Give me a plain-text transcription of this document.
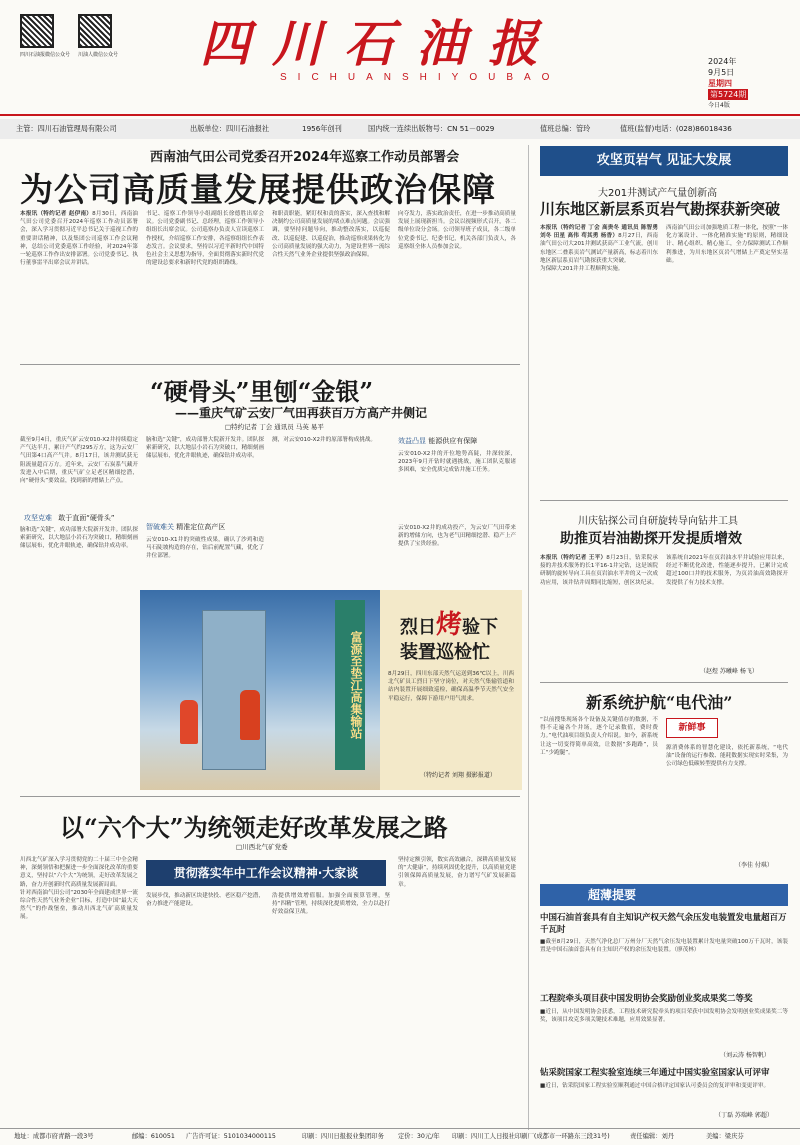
四川石油报微信公众号 川油人微信公众号 四川石油报
SICHUANSHIYOUBAO
2024年
9月5日
星期四
第5724期
今日4版
主管：四川石油管理局有限公司	出版单位：四川石油报社	1956年创刊	国内统一连续出版物号：CN 51－0029	值班总编：管玲	值班(监督)电话：(028)86018436
西南油气田公司党委召开2024年巡察工作动员部署会
为公司高质量发展提供政治保障
本报讯（特约记者 赵伊南）8月30日，西南油气田公司党委召开2024年巡察工作动员部署会，深入学习贯彻习近平总书记关于巡视工作的重要讲话精神，以及集团公司巡察工作会议精神，总结公司党委巡察工作经验，对2024年第一轮巡察工作作出安排部署。公司党委书记、执行董事雷平出席会议并讲话。
书记、巡察工作领导小组副组长徐德胜出席会议。公司党委副书记、总经理，巡察工作领导小组组长出席会议。公司巡察办负责人宣读巡察工作授权，介绍巡察工作安排，各巡察组组长作表态发言。会议要求，坚持以习近平新时代中国特色社会主义思想为指导，全面贯彻落实新时代党的建设总要求和新时代党的组织路线。
和职责职能，紧盯权和责的落实，深入查找和解决制约公司高质量发展的堵点难点问题。会议强调，要坚持问题导向，推动整改落实，以巡促改、以巡促建、以巡促治，推动巡察成果转化为公司高质量发展的强大动力，为建设世界一流综合性天然气业务企业提供坚强政治保障。
向夺发力，落实政治责任，在进一步推动高质量发展上展现新担当。会议以视频形式召开，各二级单位设分会场。公司领导班子成员，各二级单位党委书记、纪委书记，机关各部门负责人，各巡察组全体人员参加会议。
攻坚页岩气 见证大发展
大201井测试产气量创新高
川东地区新层系页岩气勘探获新突破
本报讯（特约记者 丁会 高贵冬 通讯员 陈智勇 刘冬 田星 高伟 苟其勇 杨香）8月27日，西南油气田公司大201井测试获高产工业气流，创川东地区二叠系页岩气测试产量新高，标志着川东地区新层系页岩气勘探获重大突破。
为保障大201井井工程顺利实施。
西南油气田公司加强地质工程一体化，按照“一体化方案设计、一体化精准实施”的原则，精细设计、精心组织、精心施工，全力保障测试工作顺利推进，为川东地区页岩气增储上产奠定坚实基础。
“硬骨头”里刨“金银”
——重庆气矿云安厂气田再获百万方高产井侧记
□特约记者 丁会 通讯员 马英 易平
截至9月4日，重庆气矿云安010-X2井持续稳定产气达半月，累计产气约295万方，这为云安厂气田第4口高产气井。8月17日，该井测试获无阻流量超百万方。近年来，云安厂石炭系气藏开发进入中后期，重庆气矿立足老区精细挖潜，向“硬骨头”要效益，找到新的增储上产点。
攻坚克难 敢于直面“硬骨头”
脑和选“关键”，成功部署大院新开发井。团队探索新研究，以大地层小岩石为突破口，精细刻画储层展布，优化井眼轨迹，确保钻井成功率。
脑和选“关键”，成功部署大院新开发井。团队探索新研究，以大地层小岩石为突破口，精细刻画储层展布，优化井眼轨迹，确保钻井成功率。
智破难关 精准定位高产区
云安010-X1井的突破性成果，确认了沙鸡和造马石陡坡构造的存在，钻后前配置气藏，优化了井位部署。
测，对云安010-X2井的原部署构成挑战。	效益凸显 能源供应有保障
云安010-X2井的开位地势高陡，井深较深，2023年9月开钻时就遇挑战，施工团队克服诸多困难，安全优质完成钻井施工任务。
云安010-X2井的成功投产，为云安厂气田带来新的增储方向，也为老气田精细挖潜、稳产上产提供了宝贵经验。
富源至垫江高集输站
烈日烤验下
装置巡检忙
8月29日，四川东部天然气运送到36℃以上，川西北气矿员工烈日下坚守岗位，对天然气集输管道和站内装置开展细致巡检，确保高温季节天然气安全平稳运行，保障下游用户用气需求。
（特约记者 刘翔 摄影报道）
川庆钻探公司自研旋转导向钻井工具
助推页岩油勘探开发提质增效
本报讯（特约记者 王平）8月23日，钻采院承接的井技术服务的长1平16-1井完钻，这是该院研制的旋转导向工具在页岩油水平井的又一次成功应用，该井钻井周期同比缩短，创区块纪录。
该系统自2021年在页岩油水平井试验应用以来，经过不断优化改进，性能逐步提升，已累计完成超过100口井的技术服务，为页岩油高效勘探开发提供了有力技术支撑。
（赵煜 苏曦峰 杨飞）
新系统护航“电代油”
“以前搜集现场各个设备及关键值存的数据，不得不走遍各个井场，逐个记录数值，费时费力。”电代油项目组负责人介绍说。如今，新系统让这一切变得简单高效，让数据“多跑路”，员工“少跑腿”。
新鲜事
源消费体系的智慧化建设，依托新系统，“电代油”设备的运行参数、能耗数据实现实时采集，为公司绿色低碳转型提供有力支撑。
（李佳 付琪）
以“六个大”为统领走好改革发展之路
□川西北气矿党委
贯彻落实年中工作会议精神·大家谈
川西北气矿深入学习贯彻党的二十届三中全会精神，深刻领悟和把握进一步全面深化改革的重要意义，坚持以“六个大”为统领，走好改革发展之路，奋力开创新时代高质量发展新局面。
针对西南油气田公司“2030年全面建成世界一流综合性天然气业务企业”目标，打造中国“最大天然气”的作战堡垒，推动川西北气矿高质量发展。
发展步伐，推动新区块建快投、老区稳产挖潜，奋力推进产能建设。
浩提供增效增值服。加强全面预算管理，坚持“四精”管理，持续深化提质增效，全力以赴打好效益保卫战。
坚持定额引领，数实高效融合，深耕高质量发展的“大健康”，持续巩固优化提升，以高质量党建引领保障高质量发展，奋力谱写气矿发展新篇章。
超薄提要
中国石油首套具有自主知识产权天然气余压发电装置发电量超百万千瓦时
■截至8月29日，天然气净化总厂万州分厂天然气余压发电装置累计发电量突破100万千瓦时，该装置是中国石油首套具有自主知识产权的余压发电装置。（廖茂林）
工程院牵头项目获中国发明协会奖励创业奖成果奖二等奖
■近日，从中国发明协会获悉，工程技术研究院牵头的项目荣获中国发明协会发明创业奖成果奖二等奖，该项目攻克多项关键技术难题，应用效果显著。
（刘云涛 杨智帆）
钻采院国家工程实验室连续三年通过中国实验室国家认可评审
■近日，钻采院国家工程实验室顺利通过中国合格评定国家认可委员会的复评审和变更评审。
（丁磊 苏瑞峰 郭超）
地址：成都市府青路一段3号	邮编：610051 广告许可证：5101034000115	印刷：四川日报报业集团印务 定价：30元/年 印刷：四川工人日报社印刷厂(成都市一环路东三段31号)	责任编辑：刘丹	美编：梁庆芬
